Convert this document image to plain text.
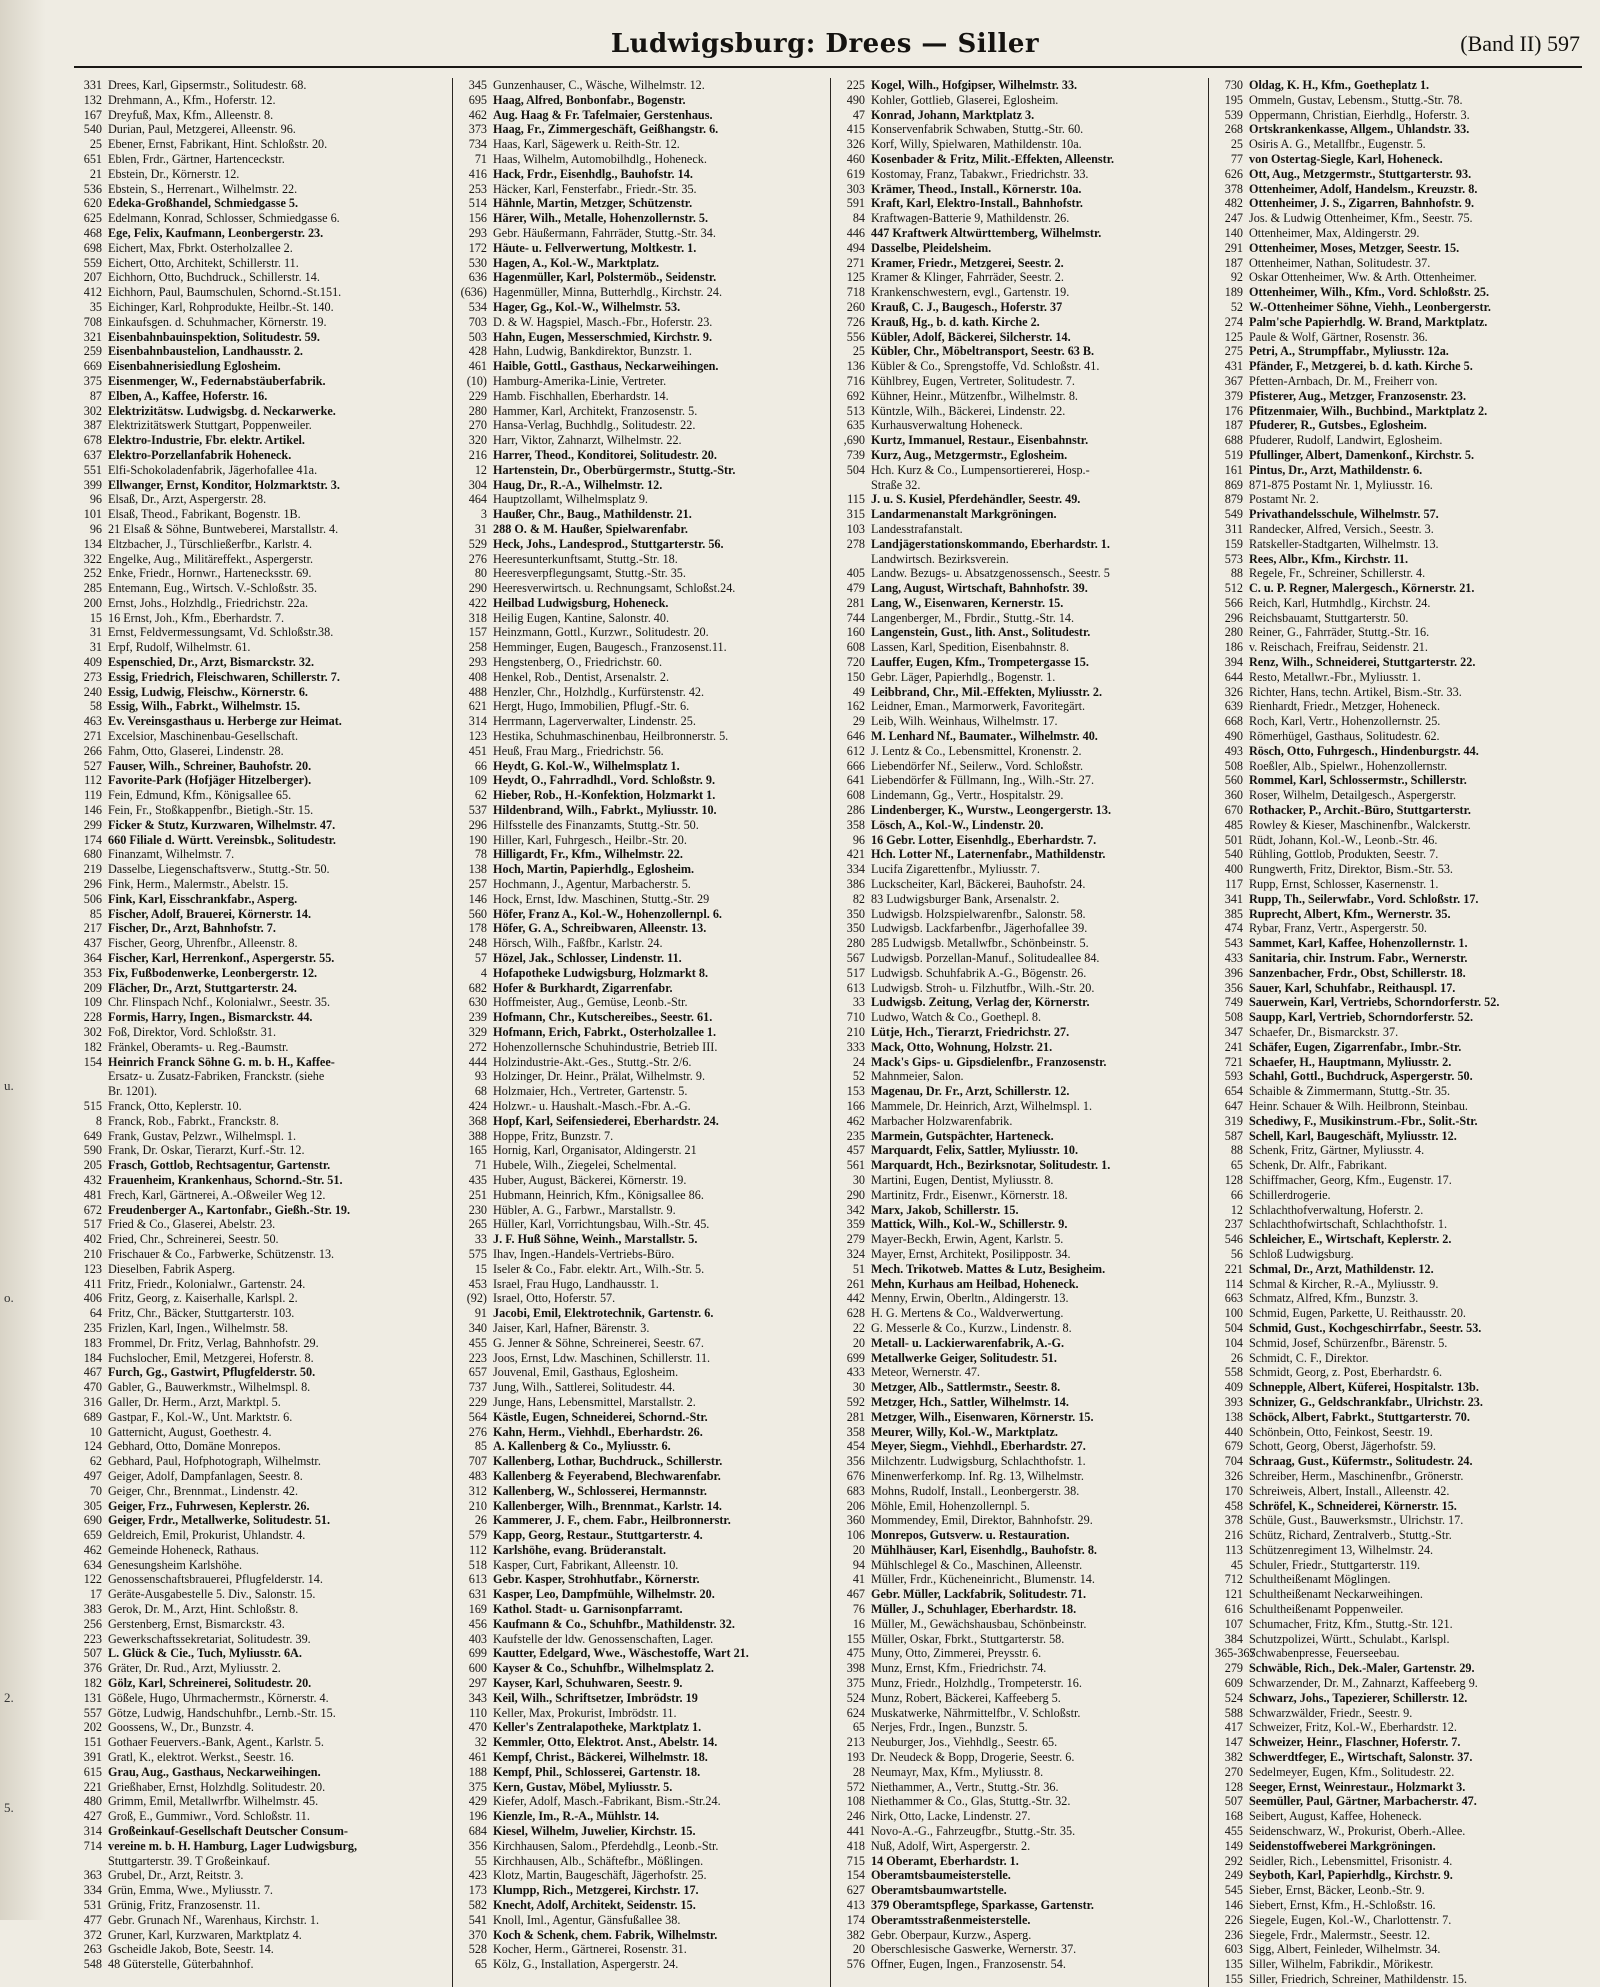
Ludwigsburg: Drees — Siller	(Band II) 597
u.
o.
2.
5.
331 Drees, Karl, Gipsermstr., Solitudestr. 68.
132 Drehmann, A., Kfm., Hoferstr. 12.
167 Dreyfuß, Max, Kfm., Alleenstr. 8.
540 Durian, Paul, Metzgerei, Alleenstr. 96.
25 Ebener, Ernst, Fabrikant, Hint. Schloßstr. 20.
651 Eblen, Frdr., Gärtner, Hartenceckstr.
21 Ebstein, Dr., Körnerstr. 12.
536 Ebstein, S., Herrenart., Wilhelmstr. 22.
620 Edeka-Großhandel, Schmiedgasse 5.
625 Edelmann, Konrad, Schlosser, Schmiedgasse 6.
468 Ege, Felix, Kaufmann, Leonbergerstr. 23.
698 Eichert, Max, Fbrkt. Osterholzallee 2.
559 Eichert, Otto, Architekt, Schillerstr. 11.
207 Eichhorn, Otto, Buchdruck., Schillerstr. 14.
412 Eichhorn, Paul, Baumschulen, Schornd.-St.151.
35 Eichinger, Karl, Rohprodukte, Heilbr.-St. 140.
708 Einkaufsgen. d. Schuhmacher, Körnerstr. 19.
321 Eisenbahnbauinspektion, Solitudestr. 59.
259 Eisenbahnbaustelion, Landhausstr. 2.
669 Eisenbahnerisiedlung Eglosheim.
375 Eisenmenger, W., Federnabstäuberfabrik.
87 Elben, A., Kaffee, Hoferstr. 16.
302 Elektrizitätsw. Ludwigsbg. d. Neckarwerke.
387 Elektrizitätswerk Stuttgart, Poppenweiler.
678 Elektro-Industrie, Fbr. elektr. Artikel.
637 Elektro-Porzellanfabrik Hoheneck.
551 Elfi-Schokoladenfabrik, Jägerhofallee 41a.
399 Ellwanger, Ernst, Konditor, Holzmarktstr. 3.
96 Elsaß, Dr., Arzt, Aspergerstr. 28.
101 Elsaß, Theod., Fabrikant, Bogenstr. 1B.
96 21 Elsaß & Söhne, Buntweberei, Marstallstr. 4.
134 Eltzbacher, J., Türschließerfbr., Karlstr. 4.
322 Engelke, Aug., Militäreffekt., Aspergerstr.
252 Enke, Friedr., Hornwr., Hartenecksstr. 69.
285 Entemann, Eug., Wirtsch. V.-Schloßstr. 35.
200 Ernst, Johs., Holzhdlg., Friedrichstr. 22a.
15 16 Ernst, Joh., Kfm., Eberhardstr. 7.
31 Ernst, Feldvermessungsamt, Vd. Schloßstr.38.
31 Erpf, Rudolf, Wilhelmstr. 61.
409 Espenschied, Dr., Arzt, Bismarckstr. 32.
273 Essig, Friedrich, Fleischwaren, Schillerstr. 7.
240 Essig, Ludwig, Fleischw., Körnerstr. 6.
58 Essig, Wilh., Fabrkt., Wilhelmstr. 15.
463 Ev. Vereinsgasthaus u. Herberge zur Heimat.
271 Excelsior, Maschinenbau-Gesellschaft.
266 Fahm, Otto, Glaserei, Lindenstr. 28.
527 Fauser, Wilh., Schreiner, Bauhofstr. 20.
112 Favorite-Park (Hofjäger Hitzelberger).
119 Fein, Edmund, Kfm., Königsallee 65.
146 Fein, Fr., Stoßkappenfbr., Bietigh.-Str. 15.
299 Ficker & Stutz, Kurzwaren, Wilhelmstr. 47.
174 660 Filiale d. Württ. Vereinsbk., Solitudestr.
680 Finanzamt, Wilhelmstr. 7.
219 Dasselbe, Liegenschaftsverw., Stuttg.-Str. 50.
296 Fink, Herm., Malermstr., Abelstr. 15.
506 Fink, Karl, Eisschrankfabr., Asperg.
85 Fischer, Adolf, Brauerei, Körnerstr. 14.
217 Fischer, Dr., Arzt, Bahnhofstr. 7.
437 Fischer, Georg, Uhrenfbr., Alleenstr. 8.
364 Fischer, Karl, Herrenkonf., Aspergerstr. 55.
353 Fix, Fußbodenwerke, Leonbergerstr. 12.
209 Flächer, Dr., Arzt, Stuttgarterstr. 24.
109 Chr. Flinspach Nchf., Kolonialwr., Seestr. 35.
228 Formis, Harry, Ingen., Bismarckstr. 44.
302 Foß, Direktor, Vord. Schloßstr. 31.
182 Fränkel, Oberamts- u. Reg.-Baumstr.
154 Heinrich Franck Söhne G. m. b. H., Kaffee-
Ersatz- u. Zusatz-Fabriken, Franckstr. (siehe
Br. 1201).
515 Franck, Otto, Keplerstr. 10.
8 Franck, Rob., Fabrkt., Franckstr. 8.
649 Frank, Gustav, Pelzwr., Wilhelmspl. 1.
590 Frank, Dr. Oskar, Tierarzt, Kurf.-Str. 12.
205 Frasch, Gottlob, Rechtsagentur, Gartenstr.
432 Frauenheim, Krankenhaus, Schornd.-Str. 51.
481 Frech, Karl, Gärtnerei, A.-Oßweiler Weg 12.
672 Freudenberger A., Kartonfabr., Gießh.-Str. 19.
517 Fried & Co., Glaserei, Abelstr. 23.
402 Fried, Chr., Schreinerei, Seestr. 50.
210 Frischauer & Co., Farbwerke, Schützenstr. 13.
123 Dieselben, Fabrik Asperg.
411 Fritz, Friedr., Kolonialwr., Gartenstr. 24.
406 Fritz, Georg, z. Kaiserhalle, Karlspl. 2.
64 Fritz, Chr., Bäcker, Stuttgarterstr. 103.
235 Frizlen, Karl, Ingen., Wilhelmstr. 58.
183 Frommel, Dr. Fritz, Verlag, Bahnhofstr. 29.
184 Fuchslocher, Emil, Metzgerei, Hoferstr. 8.
467 Furch, Gg., Gastwirt, Pflugfelderstr. 50.
470 Gabler, G., Bauwerkmstr., Wilhelmspl. 8.
316 Galler, Dr. Herm., Arzt, Marktpl. 5.
689 Gastpar, F., Kol.-W., Unt. Marktstr. 6.
10 Gatternicht, August, Goethestr. 4.
124 Gebhard, Otto, Domäne Monrepos.
62 Gebhard, Paul, Hofphotograph, Wilhelmstr.
497 Geiger, Adolf, Dampfanlagen, Seestr. 8.
70 Geiger, Chr., Brennmat., Lindenstr. 42.
305 Geiger, Frz., Fuhrwesen, Keplerstr. 26.
690 Geiger, Frdr., Metallwerke, Solitudestr. 51.
659 Geldreich, Emil, Prokurist, Uhlandstr. 4.
462 Gemeinde Hoheneck, Rathaus.
634 Genesungsheim Karlshöhe.
122 Genossenschaftsbrauerei, Pflugfelderstr. 14.
17 Geräte-Ausgabestelle 5. Div., Salonstr. 15.
383 Gerok, Dr. M., Arzt, Hint. Schloßstr. 8.
256 Gerstenberg, Ernst, Bismarckstr. 43.
223 Gewerkschaftssekretariat, Solitudestr. 39.
507 L. Glück & Cie., Tuch, Myliusstr. 6A.
376 Gräter, Dr. Rud., Arzt, Myliusstr. 2.
182 Gölz, Karl, Schreinerei, Solitudestr. 20.
131 Gößele, Hugo, Uhrmachermstr., Körnerstr. 4.
557 Götze, Ludwig, Handschuhfbr., Lernb.-Str. 15.
202 Goossens, W., Dr., Bunzstr. 4.
151 Gothaer Feuervers.-Bank, Agent., Karlstr. 5.
391 Gratl, K., elektrot. Werkst., Seestr. 16.
615 Grau, Aug., Gasthaus, Neckarweihingen.
221 Grießhaber, Ernst, Holzhdlg. Solitudestr. 20.
480 Grimm, Emil, Metallwrfbr. Wilhelmstr. 45.
427 Groß, E., Gummiwr., Vord. Schloßstr. 11.
314 Großeinkauf-Gesellschaft Deutscher Consum-
714 vereine m. b. H. Hamburg, Lager Ludwigsburg,
Stuttgarterstr. 39. T Großeinkauf.
363 Grubel, Dr., Arzt, Reitstr. 3.
334 Grün, Emma, Wwe., Myliusstr. 7.
531 Grünig, Fritz, Franzosenstr. 11.
477 Gebr. Grunach Nf., Warenhaus, Kirchstr. 1.
372 Gruner, Karl, Kurzwaren, Marktplatz 4.
263 Gscheidle Jakob, Bote, Seestr. 14.
548 48 Güterstelle, Güterbahnhof.
345 Gunzenhauser, C., Wäsche, Wilhelmstr. 12.
695 Haag, Alfred, Bonbonfabr., Bogenstr.
462 Aug. Haag & Fr. Tafelmaier, Gerstenhaus.
373 Haag, Fr., Zimmergeschäft, Geißhangstr. 6.
734 Haas, Karl, Sägewerk u. Reith-Str. 12.
71 Haas, Wilhelm, Automobilhdlg., Hoheneck.
416 Hack, Frdr., Eisenhdlg., Bauhofstr. 14.
253 Häcker, Karl, Fensterfabr., Friedr.-Str. 35.
514 Hähnle, Martin, Metzger, Schützenstr.
156 Härer, Wilh., Metalle, Hohenzollernstr. 5.
293 Gebr. Häußermann, Fahrräder, Stuttg.-Str. 34.
172 Häute- u. Fellverwertung, Moltkestr. 1.
530 Hagen, A., Kol.-W., Marktplatz.
636 Hagenmüller, Karl, Polstermöb., Seidenstr.
(636) Hagenmüller, Minna, Butterhdlg., Kirchstr. 24.
534 Hager, Gg., Kol.-W., Wilhelmstr. 53.
703 D. & W. Hagspiel, Masch.-Fbr., Hoferstr. 23.
503 Hahn, Eugen, Messerschmied, Kirchstr. 9.
428 Hahn, Ludwig, Bankdirektor, Bunzstr. 1.
461 Haible, Gottl., Gasthaus, Neckarweihingen.
(10) Hamburg-Amerika-Linie, Vertreter.
229 Hamb. Fischhallen, Eberhardstr. 14.
280 Hammer, Karl, Architekt, Franzosenstr. 5.
270 Hansa-Verlag, Buchhdlg., Solitudestr. 22.
320 Harr, Viktor, Zahnarzt, Wilhelmstr. 22.
216 Harrer, Theod., Konditorei, Solitudestr. 20.
12 Hartenstein, Dr., Oberbürgermstr., Stuttg.-Str.
304 Haug, Dr., R.-A., Wilhelmstr. 12.
464 Hauptzollamt, Wilhelmsplatz 9.
3 Haußer, Chr., Baug., Mathildenstr. 21.
31 288 O. & M. Haußer, Spielwarenfabr.
529 Heck, Johs., Landesprod., Stuttgarterstr. 56.
276 Heeresunterkunftsamt, Stuttg.-Str. 18.
80 Heeresverpflegungsamt, Stuttg.-Str. 35.
290 Heeresverwirtsch. u. Rechnungsamt, Schloßst.24.
422 Heilbad Ludwigsburg, Hoheneck.
318 Heilig Eugen, Kantine, Salonstr. 40.
157 Heinzmann, Gottl., Kurzwr., Solitudestr. 20.
258 Hemminger, Eugen, Baugesch., Franzosenst.11.
293 Hengstenberg, O., Friedrichstr. 60.
408 Henkel, Rob., Dentist, Arsenalstr. 2.
488 Henzler, Chr., Holzhdlg., Kurfürstenstr. 42.
621 Hergt, Hugo, Immobilien, Pflugf.-Str. 6.
314 Herrmann, Lagerverwalter, Lindenstr. 25.
123 Hestika, Schuhmaschinenbau, Heilbronnerstr. 5.
451 Heuß, Frau Marg., Friedrichstr. 56.
66 Heydt, G. Kol.-W., Wilhelmsplatz 1.
109 Heydt, O., Fahrradhdl., Vord. Schloßstr. 9.
62 Hieber, Rob., H.-Konfektion, Holzmarkt 1.
537 Hildenbrand, Wilh., Fabrkt., Myliusstr. 10.
296 Hilfsstelle des Finanzamts, Stuttg.-Str. 50.
190 Hiller, Karl, Fuhrgesch., Heilbr.-Str. 20.
78 Hilligardt, Fr., Kfm., Wilhelmstr. 22.
138 Hoch, Martin, Papierhdlg., Eglosheim.
257 Hochmann, J., Agentur, Marbacherstr. 5.
146 Hock, Ernst, Idw. Maschinen, Stuttg.-Str. 29
560 Höfer, Franz A., Kol.-W., Hohenzollernpl. 6.
178 Höfer, G. A., Schreibwaren, Alleenstr. 13.
248 Hörsch, Wilh., Faßfbr., Karlstr. 24.
57 Hözel, Jak., Schlosser, Lindenstr. 11.
4 Hofapotheke Ludwigsburg, Holzmarkt 8.
682 Hofer & Burkhardt, Zigarrenfabr.
630 Hoffmeister, Aug., Gemüse, Leonb.-Str.
239 Hofmann, Chr., Kutschereibes., Seestr. 61.
329 Hofmann, Erich, Fabrkt., Osterholzallee 1.
272 Hohenzollernsche Schuhindustrie, Betrieb III.
444 Holzindustrie-Akt.-Ges., Stuttg.-Str. 2/6.
93 Holzinger, Dr. Heinr., Prälat, Wilhelmstr. 9.
68 Holzmaier, Hch., Vertreter, Gartenstr. 5.
424 Holzwr.- u. Haushalt.-Masch.-Fbr. A.-G.
368 Hopf, Karl, Seifensiederei, Eberhardstr. 24.
388 Hoppe, Fritz, Bunzstr. 7.
165 Hornig, Karl, Organisator, Aldingerstr. 21
71 Hubele, Wilh., Ziegelei, Schelmental.
435 Huber, August, Bäckerei, Körnerstr. 19.
251 Hubmann, Heinrich, Kfm., Königsallee 86.
230 Hübler, A. G., Farbwr., Marstallstr. 9.
265 Hüller, Karl, Vorrichtungsbau, Wilh.-Str. 45.
33 J. F. Huß Söhne, Weinh., Marstallstr. 5.
575 Ihav, Ingen.-Handels-Vertriebs-Büro.
15 Iseler & Co., Fabr. elektr. Art., Wilh.-Str. 5.
453 Israel, Frau Hugo, Landhausstr. 1.
(92) Israel, Otto, Hoferstr. 57.
91 Jacobi, Emil, Elektrotechnik, Gartenstr. 6.
340 Jaiser, Karl, Hafner, Bärenstr. 3.
455 G. Jenner & Söhne, Schreinerei, Seestr. 67.
223 Joos, Ernst, Ldw. Maschinen, Schillerstr. 11.
657 Jouvenal, Emil, Gasthaus, Eglosheim.
737 Jung, Wilh., Sattlerei, Solitudestr. 44.
229 Junge, Hans, Lebensmittel, Marstallstr. 2.
564 Kästle, Eugen, Schneiderei, Schornd.-Str.
276 Kahn, Herm., Viehhdl., Eberhardstr. 26.
85 A. Kallenberg & Co., Myliusstr. 6.
707 Kallenberg, Lothar, Buchdruck., Schillerstr.
483 Kallenberg & Feyerabend, Blechwarenfabr.
312 Kallenberg, W., Schlosserei, Hermannstr.
210 Kallenberger, Wilh., Brennmat., Karlstr. 14.
26 Kammerer, J. F., chem. Fabr., Heilbronnerstr.
579 Kapp, Georg, Restaur., Stuttgarterstr. 4.
112 Karlshöhe, evang. Brüderanstalt.
518 Kasper, Curt, Fabrikant, Alleenstr. 10.
613 Gebr. Kasper, Strohhutfabr., Körnerstr.
631 Kasper, Leo, Dampfmühle, Wilhelmstr. 20.
169 Kathol. Stadt- u. Garnisonpfarramt.
456 Kaufmann & Co., Schuhfbr., Mathildenstr. 32.
403 Kaufstelle der ldw. Genossenschaften, Lager.
699 Kautter, Edelgard, Wwe., Wäschestoffe, Wart 21.
600 Kayser & Co., Schuhfbr., Wilhelmsplatz 2.
297 Kayser, Karl, Schuhwaren, Seestr. 9.
343 Keil, Wilh., Schriftsetzer, Imbrödstr. 19
110 Keller, Max, Prokurist, Imbrödstr. 11.
470 Keller's Zentralapotheke, Marktplatz 1.
32 Kemmler, Otto, Elektrot. Anst., Abelstr. 14.
461 Kempf, Christ., Bäckerei, Wilhelmstr. 18.
188 Kempf, Phil., Schlosserei, Gartenstr. 18.
375 Kern, Gustav, Möbel, Myliusstr. 5.
429 Kiefer, Adolf, Masch.-Fabrikant, Bism.-Str.24.
196 Kienzle, Im., R.-A., Mühlstr. 14.
684 Kiesel, Wilhelm, Juwelier, Kirchstr. 15.
356 Kirchhausen, Salom., Pferdehdlg., Leonb.-Str.
55 Kirchhausen, Alb., Schäftefbr., Mößlingen.
423 Klotz, Martin, Baugeschäft, Jägerhofstr. 25.
173 Klumpp, Rich., Metzgerei, Kirchstr. 17.
582 Knecht, Adolf, Architekt, Seidenstr. 15.
541 Knoll, Iml., Agentur, Gänsfußallee 38.
370 Koch & Schenk, chem. Fabrik, Wilhelmstr.
528 Kocher, Herm., Gärtnerei, Rosenstr. 31.
65 Kölz, G., Installation, Aspergerstr. 24.
225 Kogel, Wilh., Hofgipser, Wilhelmstr. 33.
490 Kohler, Gottlieb, Glaserei, Eglosheim.
47 Konrad, Johann, Marktplatz 3.
415 Konservenfabrik Schwaben, Stuttg.-Str. 60.
326 Korf, Willy, Spielwaren, Mathildenstr. 10a.
460 Kosenbader & Fritz, Milit.-Effekten, Alleenstr.
619 Kostomay, Franz, Tabakwr., Friedrichstr. 33.
303 Krämer, Theod., Install., Körnerstr. 10a.
591 Kraft, Karl, Elektro-Install., Bahnhofstr.
84 Kraftwagen-Batterie 9, Mathildenstr. 26.
446 447 Kraftwerk Altwürttemberg, Wilhelmstr.
494 Dasselbe, Pleidelsheim.
271 Kramer, Friedr., Metzgerei, Seestr. 2.
125 Kramer & Klinger, Fahrräder, Seestr. 2.
718 Krankenschwestern, evgl., Gartenstr. 19.
260 Krauß, C. J., Baugesch., Hoferstr. 37
726 Krauß, Hg., b. d. kath. Kirche 2.
556 Kübler, Adolf, Bäckerei, Silcherstr. 14.
25 Kübler, Chr., Möbeltransport, Seestr. 63 B.
136 Kübler & Co., Sprengstoffe, Vd. Schloßstr. 41.
716 Kühlbrey, Eugen, Vertreter, Solitudestr. 7.
692 Kühner, Heinr., Mützenfbr., Wilhelmstr. 8.
513 Küntzle, Wilh., Bäckerei, Lindenstr. 22.
635 Kurhausverwaltung Hoheneck.
,690 Kurtz, Immanuel, Restaur., Eisenbahnstr.
739 Kurz, Aug., Metzgermstr., Eglosheim.
504 Hch. Kurz & Co., Lumpensortiererei, Hosp.-
Straße 32.
115 J. u. S. Kusiel, Pferdehändler, Seestr. 49.
315 Landarmenanstalt Markgröningen.
103 Landesstrafanstalt.
278 Landjägerstationskommando, Eberhardstr. 1.
Landwirtsch. Bezirksverein.
405 Landw. Bezugs- u. Absatzgenossensch., Seestr. 5
479 Lang, August, Wirtschaft, Bahnhofstr. 39.
281 Lang, W., Eisenwaren, Kernerstr. 15.
744 Langenberger, M., Fbrdir., Stuttg.-Str. 14.
160 Langenstein, Gust., lith. Anst., Solitudestr.
608 Lassen, Karl, Spedition, Eisenbahnstr. 8.
720 Lauffer, Eugen, Kfm., Trompetergasse 15.
150 Gebr. Läger, Papierhdlg., Bogenstr. 1.
49 Leibbrand, Chr., Mil.-Effekten, Myliusstr. 2.
162 Leidner, Eman., Marmorwerk, Favoritegärt.
29 Leib, Wilh. Weinhaus, Wilhelmstr. 17.
646 M. Lenhard Nf., Baumater., Wilhelmstr. 40.
612 J. Lentz & Co., Lebensmittel, Kronenstr. 2.
666 Liebendörfer Nf., Seilerw., Vord. Schloßstr.
641 Liebendörfer & Füllmann, Ing., Wilh.-Str. 27.
608 Lindemann, Gg., Vertr., Hospitalstr. 29.
286 Lindenberger, K., Wurstw., Leongergerstr. 13.
358 Lösch, A., Kol.-W., Lindenstr. 20.
96 16 Gebr. Lotter, Eisenhdlg., Eberhardstr. 7.
421 Hch. Lotter Nf., Laternenfabr., Mathildenstr.
334 Lucifa Zigarettenfbr., Myliusstr. 7.
386 Luckscheiter, Karl, Bäckerei, Bauhofstr. 24.
82 83 Ludwigsburger Bank, Arsenalstr. 2.
350 Ludwigsb. Holzspielwarenfbr., Salonstr. 58.
350 Ludwigsb. Lackfarbenfbr., Jägerhofallee 39.
280 285 Ludwigsb. Metallwfbr., Schönbeinstr. 5.
567 Ludwigsb. Porzellan-Manuf., Solitudeallee 84.
517 Ludwigsb. Schuhfabrik A.-G., Bögenstr. 26.
613 Ludwigsb. Stroh- u. Filzhutfbr., Wilh.-Str. 20.
33 Ludwigsb. Zeitung, Verlag der, Körnerstr.
710 Ludwo, Watch & Co., Goethepl. 8.
210 Lütje, Hch., Tierarzt, Friedrichstr. 27.
333 Mack, Otto, Wohnung, Holzstr. 21.
24 Mack's Gips- u. Gipsdielenfbr., Franzosenstr.
52 Mahnmeier, Salon.
153 Magenau, Dr. Fr., Arzt, Schillerstr. 12.
166 Mammele, Dr. Heinrich, Arzt, Wilhelmspl. 1.
462 Marbacher Holzwarenfabrik.
235 Marmein, Gutspächter, Harteneck.
457 Marquardt, Felix, Sattler, Myliusstr. 10.
561 Marquardt, Hch., Bezirksnotar, Solitudestr. 1.
30 Martini, Eugen, Dentist, Myliusstr. 8.
290 Martinitz, Frdr., Eisenwr., Körnerstr. 18.
342 Marx, Jakob, Schillerstr. 15.
359 Mattick, Wilh., Kol.-W., Schillerstr. 9.
279 Mayer-Beckh, Erwin, Agent, Karlstr. 5.
324 Mayer, Ernst, Architekt, Posilippostr. 34.
51 Mech. Trikotweb. Mattes & Lutz, Besigheim.
261 Mehn, Kurhaus am Heilbad, Hoheneck.
442 Menny, Erwin, Oberltn., Aldingerstr. 13.
628 H. G. Mertens & Co., Waldverwertung.
22 G. Messerle & Co., Kurzw., Lindenstr. 8.
20 Metall- u. Lackierwarenfabrik, A.-G.
699 Metallwerke Geiger, Solitudestr. 51.
433 Meteor, Wernerstr. 47.
30 Metzger, Alb., Sattlermstr., Seestr. 8.
592 Metzger, Hch., Sattler, Wilhelmstr. 14.
281 Metzger, Wilh., Eisenwaren, Körnerstr. 15.
358 Meurer, Willy, Kol.-W., Marktplatz.
454 Meyer, Siegm., Viehhdl., Eberhardstr. 27.
356 Milchzentr. Ludwigsburg, Schlachthofstr. 1.
676 Minenwerferkomp. Inf. Rg. 13, Wilhelmstr.
683 Mohns, Rudolf, Install., Leonbergerstr. 38.
206 Möhle, Emil, Hohenzollernpl. 5.
360 Mommendey, Emil, Direktor, Bahnhofstr. 29.
106 Monrepos, Gutsverw. u. Restauration.
20 Mühlhäuser, Karl, Eisenhdlg., Bauhofstr. 8.
94 Mühlschlegel & Co., Maschinen, Alleenstr.
41 Müller, Frdr., Kücheneinricht., Blumenstr. 14.
467 Gebr. Müller, Lackfabrik, Solitudestr. 71.
76 Müller, J., Schuhlager, Eberhardstr. 18.
16 Müller, M., Gewächshausbau, Schönbeinstr.
155 Müller, Oskar, Fbrkt., Stuttgarterstr. 58.
475 Muny, Otto, Zimmerei, Preysstr. 6.
398 Munz, Ernst, Kfm., Friedrichstr. 74.
375 Munz, Friedr., Holzhdlg., Trompeterstr. 16.
524 Munz, Robert, Bäckerei, Kaffeeberg 5.
624 Muskatwerke, Nährmittelfbr., V. Schloßstr.
65 Nerjes, Frdr., Ingen., Bunzstr. 5.
213 Neuburger, Jos., Viehhdlg., Seestr. 65.
193 Dr. Neudeck & Bopp, Drogerie, Seestr. 6.
28 Neumayr, Max, Kfm., Myliusstr. 8.
572 Niethammer, A., Vertr., Stuttg.-Str. 36.
108 Niethammer & Co., Glas, Stuttg.-Str. 32.
246 Nirk, Otto, Lacke, Lindenstr. 27.
441 Novo-A.-G., Fahrzeugfbr., Stuttg.-Str. 35.
418 Nuß, Adolf, Wirt, Aspergerstr. 2.
715 14 Oberamt, Eberhardstr. 1.
154 Oberamtsbaumeisterstelle.
627 Oberamtsbaumwartstelle.
413 379 Oberamtspflege, Sparkasse, Gartenstr.
174 Oberamtsstraßenmeisterstelle.
382 Gebr. Oberpaur, Kurzw., Asperg.
20 Oberschlesische Gaswerke, Wernerstr. 37.
576 Offner, Eugen, Ingen., Franzosenstr. 54.
730 Oldag, K. H., Kfm., Goetheplatz 1.
195 Ommeln, Gustav, Lebensm., Stuttg.-Str. 78.
539 Oppermann, Christian, Eierhdlg., Hoferstr. 3.
268 Ortskrankenkasse, Allgem., Uhlandstr. 33.
25 Osiris A. G., Metallfbr., Eugenstr. 5.
77 von Ostertag-Siegle, Karl, Hoheneck.
626 Ott, Aug., Metzgermstr., Stuttgarterstr. 93.
378 Ottenheimer, Adolf, Handelsm., Kreuzstr. 8.
482 Ottenheimer, J. S., Zigarren, Bahnhofstr. 9.
247 Jos. & Ludwig Ottenheimer, Kfm., Seestr. 75.
140 Ottenheimer, Max, Aldingerstr. 29.
291 Ottenheimer, Moses, Metzger, Seestr. 15.
187 Ottenheimer, Nathan, Solitudestr. 37.
92 Oskar Ottenheimer, Ww. & Arth. Ottenheimer.
189 Ottenheimer, Wilh., Kfm., Vord. Schloßstr. 25.
52 W.-Ottenheimer Söhne, Viehh., Leonbergerstr.
274 Palm'sche Papierhdlg. W. Brand, Marktplatz.
125 Paule & Wolf, Gärtner, Rosenstr. 36.
275 Petri, A., Strumpffabr., Myliusstr. 12a.
431 Pfänder, F., Metzgerei, b. d. kath. Kirche 5.
367 Pfetten-Arnbach, Dr. M., Freiherr von.
379 Pfisterer, Aug., Metzger, Franzosenstr. 23.
176 Pfitzenmaier, Wilh., Buchbind., Marktplatz 2.
187 Pfuderer, R., Gutsbes., Eglosheim.
688 Pfuderer, Rudolf, Landwirt, Eglosheim.
519 Pfullinger, Albert, Damenkonf., Kirchstr. 5.
161 Pintus, Dr., Arzt, Mathildenstr. 6.
869 871-875 Postamt Nr. 1, Myliusstr. 16.
879 Postamt Nr. 2.
549 Privathandelsschule, Wilhelmstr. 57.
311 Randecker, Alfred, Versich., Seestr. 3.
159 Ratskeller-Stadtgarten, Wilhelmstr. 13.
573 Rees, Albr., Kfm., Kirchstr. 11.
88 Regele, Fr., Schreiner, Schillerstr. 4.
512 C. u. P. Regner, Malergesch., Körnerstr. 21.
566 Reich, Karl, Hutmhdlg., Kirchstr. 24.
296 Reichsbauamt, Stuttgarterstr. 50.
280 Reiner, G., Fahrräder, Stuttg.-Str. 16.
186 v. Reischach, Freifrau, Seidenstr. 21.
394 Renz, Wilh., Schneiderei, Stuttgarterstr. 22.
644 Resto, Metallwr.-Fbr., Myliusstr. 1.
326 Richter, Hans, techn. Artikel, Bism.-Str. 33.
639 Rienhardt, Friedr., Metzger, Hoheneck.
668 Roch, Karl, Vertr., Hohenzollernstr. 25.
490 Römerhügel, Gasthaus, Solitudestr. 62.
493 Rösch, Otto, Fuhrgesch., Hindenburgstr. 44.
508 Roeßler, Alb., Spielwr., Hohenzollernstr.
560 Rommel, Karl, Schlossermstr., Schillerstr.
360 Roser, Wilhelm, Detailgesch., Aspergerstr.
670 Rothacker, P., Archit.-Büro, Stuttgarterstr.
485 Rowley & Kieser, Maschinenfbr., Walckerstr.
501 Rüdt, Johann, Kol.-W., Leonb.-Str. 46.
540 Rühling, Gottlob, Produkten, Seestr. 7.
400 Rungwerth, Fritz, Direktor, Bism.-Str. 53.
117 Rupp, Ernst, Schlosser, Kasernenstr. 1.
341 Rupp, Th., Seilerwfabr., Vord. Schloßstr. 17.
385 Ruprecht, Albert, Kfm., Wernerstr. 35.
474 Rybar, Franz, Vertr., Aspergerstr. 50.
543 Sammet, Karl, Kaffee, Hohenzollernstr. 1.
433 Sanitaria, chir. Instrum. Fabr., Wernerstr.
396 Sanzenbacher, Frdr., Obst, Schillerstr. 18.
356 Sauer, Karl, Schuhfabr., Reithauspl. 17.
749 Sauerwein, Karl, Vertriebs, Schorndorferstr. 52.
508 Saupp, Karl, Vertrieb, Schorndorferstr. 52.
347 Schaefer, Dr., Bismarckstr. 37.
241 Schäfer, Eugen, Zigarrenfabr., Imbr.-Str.
721 Schaefer, H., Hauptmann, Myliusstr. 2.
593 Schahl, Gottl., Buchdruck, Aspergerstr. 50.
654 Schaible & Zimmermann, Stuttg.-Str. 35.
647 Heinr. Schauer & Wilh. Heilbronn, Steinbau.
319 Schediwy, F., Musikinstrum.-Fbr., Solit.-Str.
587 Schell, Karl, Baugeschäft, Myliusstr. 12.
88 Schenk, Fritz, Gärtner, Myliusstr. 4.
65 Schenk, Dr. Alfr., Fabrikant.
128 Schiffmacher, Georg, Kfm., Eugenstr. 17.
66 Schillerdrogerie.
12 Schlachthofverwaltung, Hoferstr. 2.
237 Schlachthofwirtschaft, Schlachthofstr. 1.
546 Schleicher, E., Wirtschaft, Keplerstr. 2.
56 Schloß Ludwigsburg.
221 Schmal, Dr., Arzt, Mathildenstr. 12.
114 Schmal & Kircher, R.-A., Myliusstr. 9.
663 Schmatz, Alfred, Kfm., Bunzstr. 3.
100 Schmid, Eugen, Parkette, U. Reithausstr. 20.
504 Schmid, Gust., Kochgeschirrfabr., Seestr. 53.
104 Schmid, Josef, Schürzenfbr., Bärenstr. 5.
26 Schmidt, C. F., Direktor.
558 Schmidt, Georg, z. Post, Eberhardstr. 6.
409 Schnepple, Albert, Küferei, Hospitalstr. 13b.
393 Schnizer, G., Geldschrankfabr., Ulrichstr. 23.
138 Schöck, Albert, Fabrkt., Stuttgarterstr. 70.
440 Schönbein, Otto, Feinkost, Seestr. 19.
679 Schott, Georg, Oberst, Jägerhofstr. 59.
704 Schraag, Gust., Küfermstr., Solitudestr. 24.
326 Schreiber, Herm., Maschinenfbr., Grönerstr.
170 Schreiweis, Albert, Install., Alleenstr. 42.
458 Schröfel, K., Schneiderei, Körnerstr. 15.
378 Schüle, Gust., Bauwerksmstr., Ulrichstr. 17.
216 Schütz, Richard, Zentralverb., Stuttg.-Str.
113 Schützenregiment 13, Wilhelmstr. 24.
45 Schuler, Friedr., Stuttgarterstr. 119.
712 Schultheißenamt Möglingen.
121 Schultheißenamt Neckarweihingen.
616 Schultheißenamt Poppenweiler.
107 Schumacher, Fritz, Kfm., Stuttg.-Str. 121.
384 Schutzpolizei, Württ., Schulabt., Karlspl.
365-367
Schwabenpresse, Feuerseebau.
279 Schwäble, Rich., Dek.-Maler, Gartenstr. 29.
609 Schwarzender, Dr. M., Zahnarzt, Kaffeeberg 9.
524 Schwarz, Johs., Tapezierer, Schillerstr. 12.
588 Schwarzwälder, Friedr., Seestr. 9.
417 Schweizer, Fritz, Kol.-W., Eberhardstr. 12.
147 Schweizer, Heinr., Flaschner, Hoferstr. 7.
382 Schwerdtfeger, E., Wirtschaft, Salonstr. 37.
270 Sedelmeyer, Eugen, Kfm., Solitudestr. 22.
128 Seeger, Ernst, Weinrestaur., Holzmarkt 3.
507 Seemüller, Paul, Gärtner, Marbacherstr. 47.
168 Seibert, August, Kaffee, Hoheneck.
455 Seidenschwarz, W., Prokurist, Oberh.-Allee.
149 Seidenstoffweberei Markgröningen.
292 Seidler, Rich., Lebensmittel, Frisonistr. 4.
249 Seyboth, Karl, Papierhdlg., Kirchstr. 9.
545 Sieber, Ernst, Bäcker, Leonb.-Str. 9.
146 Siebert, Ernst, Kfm., H.-Schloßstr. 16.
226 Siegele, Eugen, Kol.-W., Charlottenstr. 7.
236 Siegele, Frdr., Malermstr., Seestr. 12.
603 Sigg, Albert, Feinleder, Wilhelmstr. 34.
135 Siller, Wilhelm, Fabrikdir., Mörikestr.
155 Siller, Friedrich, Schreiner, Mathildenstr. 15.
